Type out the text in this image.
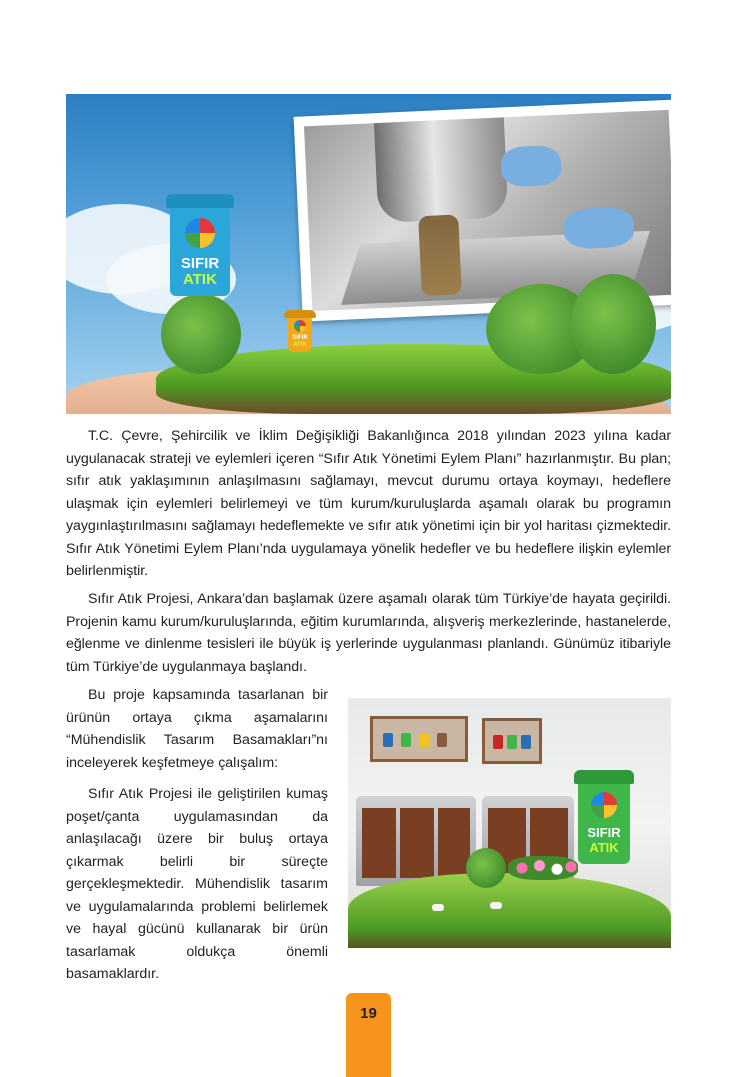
SIFIR
ATIK
SIFIR
ATIK

T.C. Çevre, Şehircilik ve İklim Değişikliği Bakanlığınca 2018 yılından 2023 yılına kadar uygulanacak strateji ve eylemleri içeren “Sıfır Atık Yönetimi Eylem Planı” hazırlanmıştır. Bu plan; sıfır atık yaklaşımının anlaşılmasını sağlamayı, mevcut durumu ortaya koymayı, hedeflere ulaşmak için eylemleri belirlemeyi ve tüm kurum/kuruluşlarda aşamalı olarak bu programın yaygınlaştırılmasını sağlamayı hedeflemekte ve sıfır atık yönetimi için bir yol haritası çizmektedir. Sıfır Atık Yönetimi Eylem Planı’nda uygulamaya yönelik hedefler ve bu hedeflere ilişkin eylemler belirlenmiştir.

Sıfır Atık Projesi, Ankara’dan başlamak üzere aşamalı olarak tüm Türkiye’de hayata geçirildi. Projenin kamu kurum/kuruluşlarında, eğitim kurumlarında, alışveriş merkezlerinde, hastanelerde, eğlenme ve dinlenme tesisleri ile büyük iş yerlerinde uygulanması planlandı. Günümüz itibariyle tüm Türkiye’de uygulanmaya başlandı.

Bu proje kapsamında tasarlanan bir ürünün ortaya çıkma aşamalarını “Mühendislik Tasarım Basamakları”nı inceleyerek keşfetmeye çalışalım:

Sıfır Atık Projesi ile geliştirilen kumaş poşet/çanta uygulamasından da anlaşılacağı üzere bir buluş ortaya çıkarmak belirli bir süreçte gerçekleşmektedir. Mühendislik tasarım ve uygulamalarında problemi belirlemek ve hayal gücünü kullanarak bir ürün tasarlamak oldukça önemli basamaklardır.

SIFIR
ATIK
19
